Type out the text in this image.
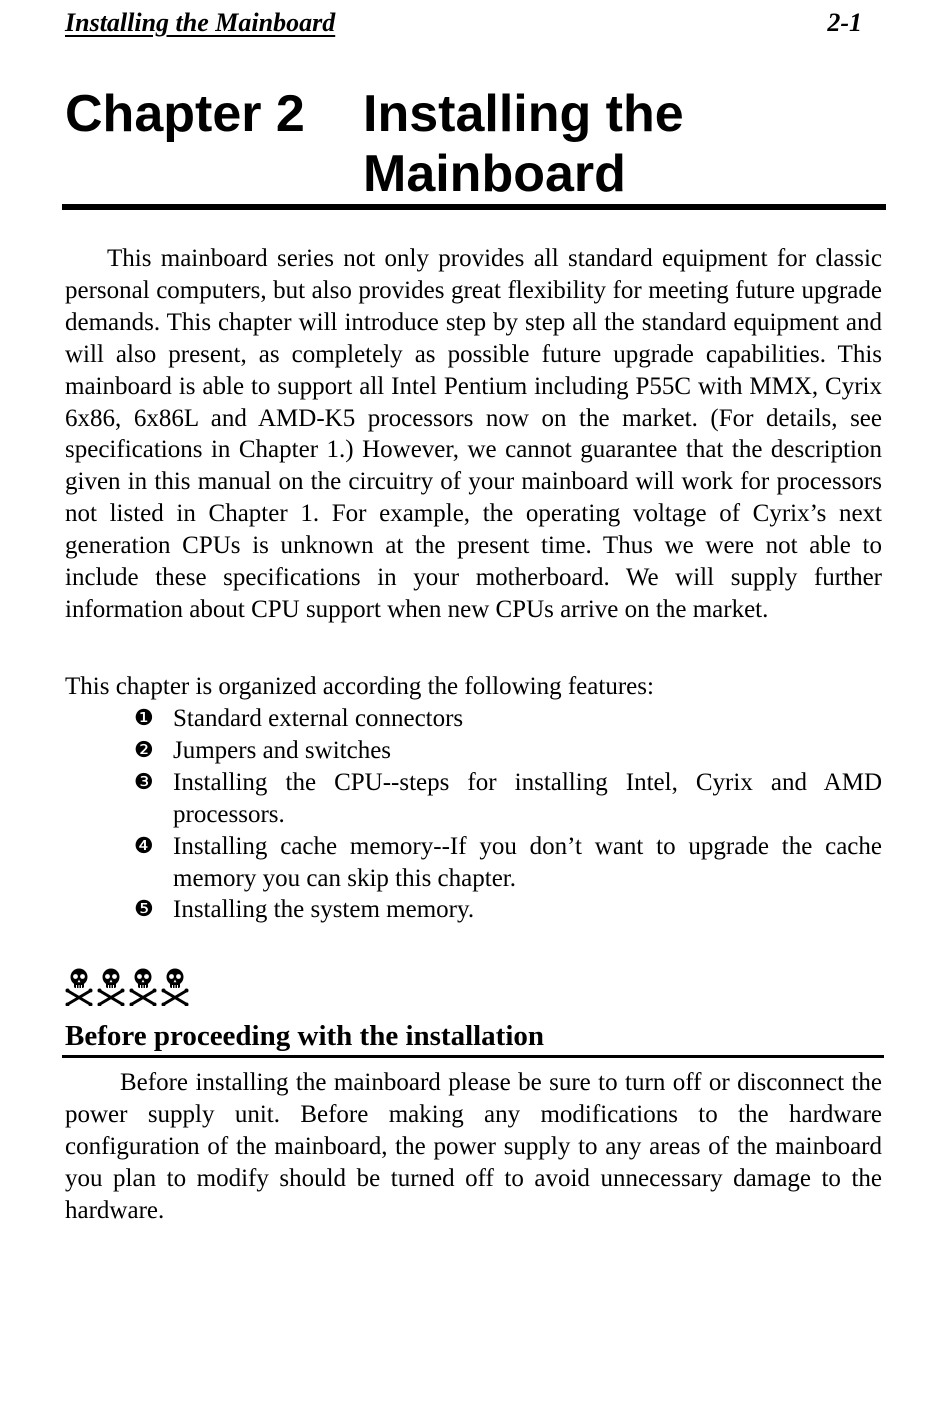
Installing the Mainboard	2-1
Chapter 2 Installing the Mainboard

This mainboard series not only provides all standard equipment for classic personal computers, but also provides great flexibility for meeting future upgrade demands. This chapter will introduce step by step all the standard equipment and will also present, as completely as possible future upgrade capabilities. This mainboard is able to support all Intel Pentium including P55C with MMX, Cyrix 6x86, 6x86L and AMD-K5 processors now on the market. (For details, see specifications in Chapter 1.) However, we cannot guarantee that the description given in this manual on the circuitry of your mainboard will work for processors not listed in Chapter 1. For example, the operating voltage of Cyrix’s next generation CPUs is unknown at the present time. Thus we were not able to include these specifications in your motherboard. We will supply further information about CPU support when new CPUs arrive on the market.

This chapter is organized according the following features:

❶ Standard external connectors
❷ Jumpers and switches
❸ Installing the CPU--steps for installing Intel, Cyrix and AMD processors.
❹ Installing cache memory--If you don’t want to upgrade the cache memory you can skip this chapter.
❺ Installing the system memory.
Before proceeding with the installation

Before installing the mainboard please be sure to turn off or disconnect the power supply unit. Before making any modifications to the hardware configuration of the mainboard, the power supply to any areas of the mainboard you plan to modify should be turned off to avoid unnecessary damage to the hardware.
